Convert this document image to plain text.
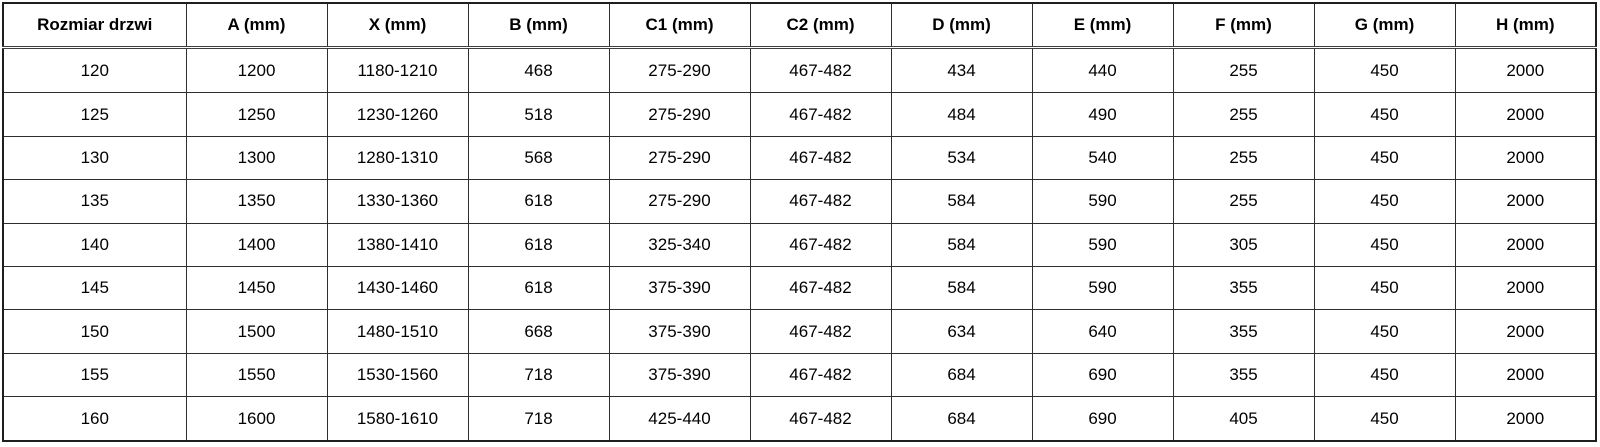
Rozmiar drzwi	A (mm)	X (mm)	B (mm)	C1 (mm)	C2 (mm)	D (mm)	E (mm)	F (mm)	G (mm)	H (mm)
120	1200	1180-1210	468	275-290	467-482	434	440	255	450	2000
125	1250	1230-1260	518	275-290	467-482	484	490	255	450	2000
130	1300	1280-1310	568	275-290	467-482	534	540	255	450	2000
135	1350	1330-1360	618	275-290	467-482	584	590	255	450	2000
140	1400	1380-1410	618	325-340	467-482	584	590	305	450	2000
145	1450	1430-1460	618	375-390	467-482	584	590	355	450	2000
150	1500	1480-1510	668	375-390	467-482	634	640	355	450	2000
155	1550	1530-1560	718	375-390	467-482	684	690	355	450	2000
160	1600	1580-1610	718	425-440	467-482	684	690	405	450	2000
